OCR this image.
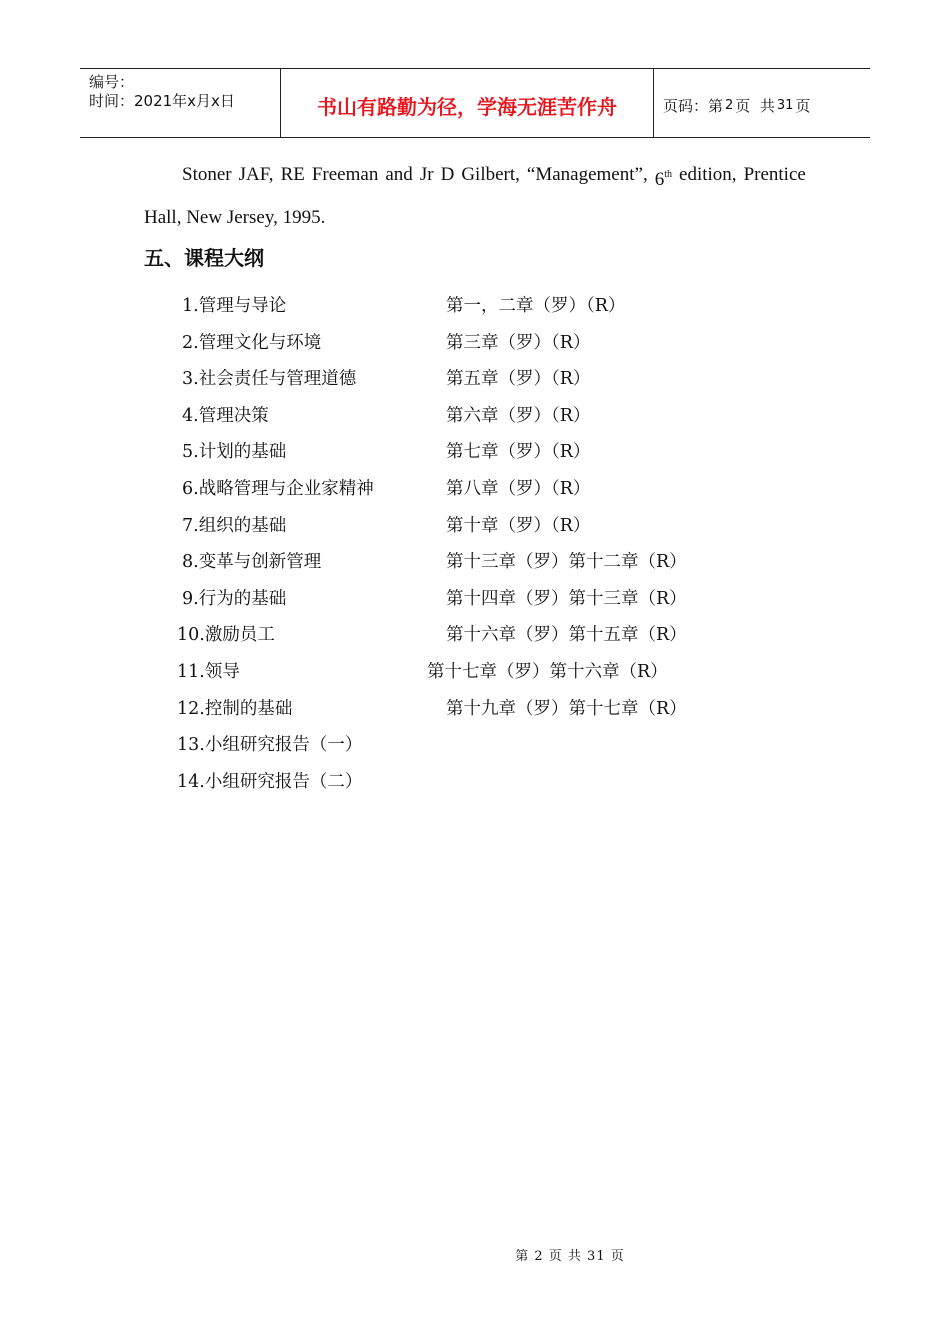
编号：
时间：2021年x月x日	书山有路勤为径，学海无涯苦作舟	页码：第 2 页  共 31 页
Stoner JAF, RE Freeman and Jr D Gilbert, “Management”, 6th edition, Prentice
Hall, New Jersey, 1995.
五、课程大纲
1.管理与导论	第一，二章（罗）（R）
2.管理文化与环境	第三章（罗）（R）
3.社会责任与管理道德	第五章（罗）（R）
4.管理决策	第六章（罗）（R）
5.计划的基础	第七章（罗）（R）
6.战略管理与企业家精神	第八章（罗）（R）
7.组织的基础	第十章（罗）（R）
8.变革与创新管理	第十三章（罗）第十二章（R）
9.行为的基础	第十四章（罗）第十三章（R）
10.激励员工	第十六章（罗）第十五章（R）
11.领导	第十七章（罗）第十六章（R）
12.控制的基础	第十九章（罗）第十七章（R）
13.小组研究报告（一）
14.小组研究报告（二）
第 2 页 共 31 页
